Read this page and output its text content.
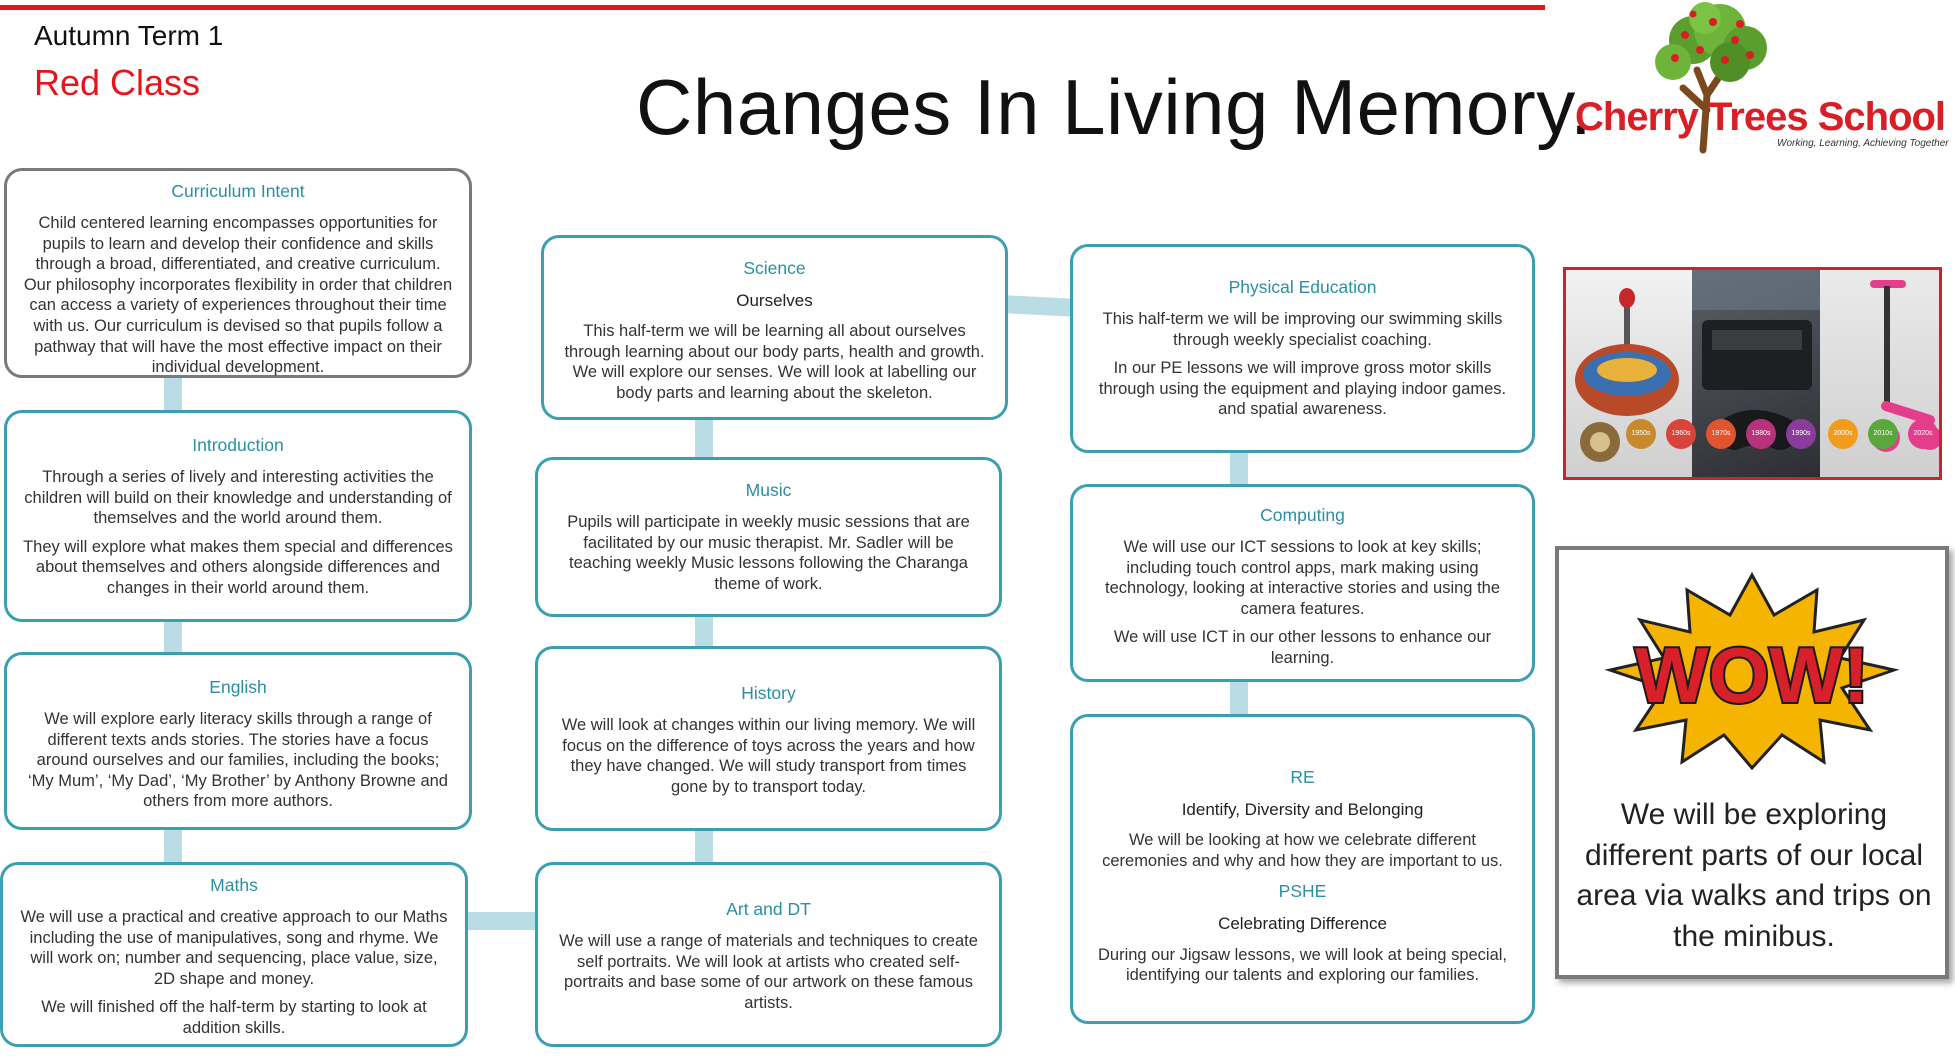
Autumn Term 1
Red Class	Changes In Living Memory.
Cherry Trees School
Working, Learning, Achieving Together
Curriculum Intent

Child centered learning encompasses opportunities for pupils to learn and develop their confidence and skills through a broad, differentiated, and creative curriculum. Our philosophy incorporates flexibility in order that children can access a variety of experiences throughout their time with us. Our curriculum is devised so that pupils follow a pathway that will have the most effective impact on their individual development.

Introduction

Through a series of lively and interesting activities the children will build on their knowledge and understanding of themselves and the world around them.

They will explore what makes them special and differences about themselves and others alongside differences and changes in their world around them.

English

We will explore early literacy skills through a range of different texts ands stories. The stories have a focus around ourselves and our families, including the books; ‘My Mum’, ‘My Dad’, ‘My Brother’ by Anthony Browne and others from more authors.

Maths

We will use a practical and creative approach to our Maths including the use of manipulatives, song and rhyme. We will work on; number and sequencing, place value, size, 2D shape and money.

We will finished off the half-term by starting to look at addition skills.

Science
Ourselves

This half-term we will be learning all about ourselves through learning about our body parts, health and growth. We will explore our senses. We will look at labelling our body parts and learning about the skeleton.

Music

Pupils will participate in weekly music sessions that are facilitated by our music therapist. Mr. Sadler will be teaching weekly Music lessons following the Charanga theme of work.

History

We will look at changes within our living memory. We will focus on the difference of toys across the years and how they have changed. We will study transport from times gone by to transport today.

Art and DT

We will use a range of materials and techniques to create self portraits. We will look at artists who created self-portraits and base some of our artwork on these famous artists.

Physical Education

This half-term we will be improving our swimming skills through weekly specialist coaching.

In our PE lessons we will improve gross motor skills through using the equipment and playing indoor games. and spatial awareness.

Computing

We will use our ICT sessions to look at key skills; including touch control apps, mark making using technology, looking at interactive stories and using the camera features.

We will use ICT in our other lessons to enhance our learning.

RE
Identify, Diversity and Belonging

We will be looking at how we celebrate different ceremonies and why and how they are important to us.

PSHE
Celebrating Difference

During our Jigsaw lessons, we will look at being special, identifying our talents and exploring our families.

1950s	1960s	1970s	1980s	1990s	2000s	2010s	2020s
WOW!
We will be exploring different parts of our local area via walks and trips on the minibus.
